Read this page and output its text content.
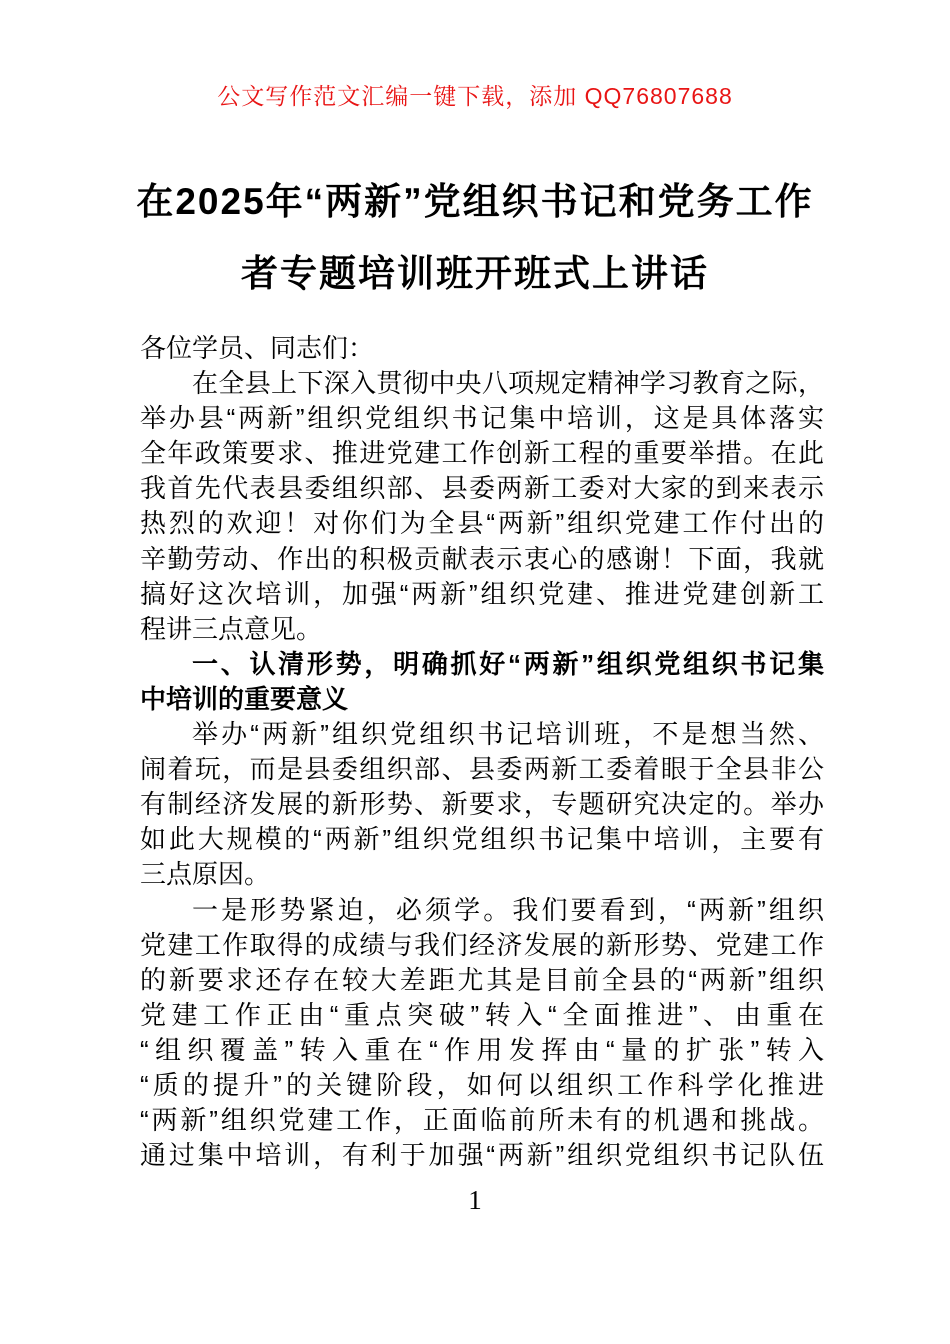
公文写作范文汇编一键下载，添加 QQ76807688
在2025年“两新”党组织书记和党务工作
者专题培训班开班式上讲话
各位学员、同志们：
在全县上下深入贯彻中央八项规定精神学习教育之际，
举办县“两新”组织党组织书记集中培训，这是具体落实
全年政策要求、推进党建工作创新工程的重要举措。在此
我首先代表县委组织部、县委两新工委对大家的到来表示
热烈的欢迎！对你们为全县“两新”组织党建工作付出的
辛勤劳动、作出的积极贡献表示衷心的感谢！下面，我就
搞好这次培训，加强“两新”组织党建、推进党建创新工
程讲三点意见。
一、认清形势，明确抓好“两新”组织党组织书记集
中培训的重要意义
举办“两新”组织党组织书记培训班，不是想当然、
闹着玩，而是县委组织部、县委两新工委着眼于全县非公
有制经济发展的新形势、新要求，专题研究决定的。举办
如此大规模的“两新”组织党组织书记集中培训，主要有
三点原因。
一是形势紧迫，必须学。我们要看到，“两新”组织
党建工作取得的成绩与我们经济发展的新形势、党建工作
的新要求还存在较大差距尤其是目前全县的“两新”组织
党建工作正由“重点突破”转入“全面推进”、由重在
“组织覆盖”转入重在“作用发挥由“量的扩张”转入
“质的提升”的关键阶段，如何以组织工作科学化推进
“两新”组织党建工作，正面临前所未有的机遇和挑战。
通过集中培训，有利于加强“两新”组织党组织书记队伍
1
